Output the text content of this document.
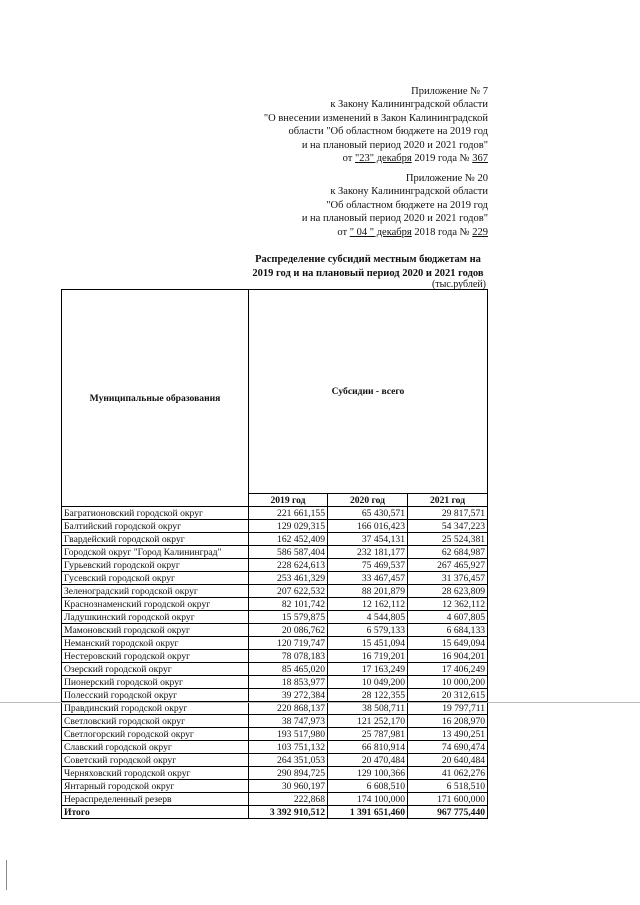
Приложение № 7
к Закону Калининградской области
"О внесении изменений в Закон Калининградской
области "Об областном бюджете на 2019 год
и на плановый период 2020 и 2021 годов"
от "23" декабря 2019 года № 367
Приложение № 20
к Закону Калининградской области
"Об областном бюджете на 2019 год
и на плановый период 2020 и 2021 годов"
от " 04 " декабря 2018 года № 229
Распределение субсидий местным бюджетам на
2019 год и на плановый период 2020 и 2021 годов
(тыс.рублей)
Муниципальные образования	Субсидии - всего		
	2019 год	2020 год	2021 год
Багратионовский городской округ	221 661,155	65 430,571	29 817,571
Балтийский городской округ	129 029,315	166 016,423	54 347,223
Гвардейский городской округ	162 452,409	37 454,131	25 524,381
Городской округ "Город Калининград"	586 587,404	232 181,177	62 684,987
Гурьевский городской округ	228 624,613	75 469,537	267 465,927
Гусевский городской округ	253 461,329	33 467,457	31 376,457
Зеленоградский городской округ	207 622,532	88 201,879	28 623,809
Краснознаменский городской округ	82 101,742	12 162,112	12 362,112
Ладушкинский городской округ	15 579,875	4 544,805	4 607,805
Мамоновский городской округ	20 086,762	6 579,133	6 684,133
Неманский городской округ	120 719,747	15 451,094	15 649,094
Нестеровский городской округ	78 078,183	16 719,201	16 904,201
Озерский городской округ	85 465,020	17 163,249	17 406,249
Пионерский городской округ	18 853,977	10 049,200	10 000,200
Полесский городской округ	39 272,384	28 122,355	20 312,615
Правдинский городской округ	220 868,137	38 508,711	19 797,711
Светловский городской округ	38 747,973	121 252,170	16 208,970
Светлогорский городской округ	193 517,980	25 787,981	13 490,251
Славский городской округ	103 751,132	66 810,914	74 690,474
Советский городской округ	264 351,053	20 470,484	20 640,484
Черняховский городской округ	290 894,725	129 100,366	41 062,276
Янтарный городской округ	30 960,197	6 608,510	6 518,510
Нераспределенный резерв	222,868	174 100,000	171 600,000
Итого	3 392 910,512	1 391 651,460	967 775,440
